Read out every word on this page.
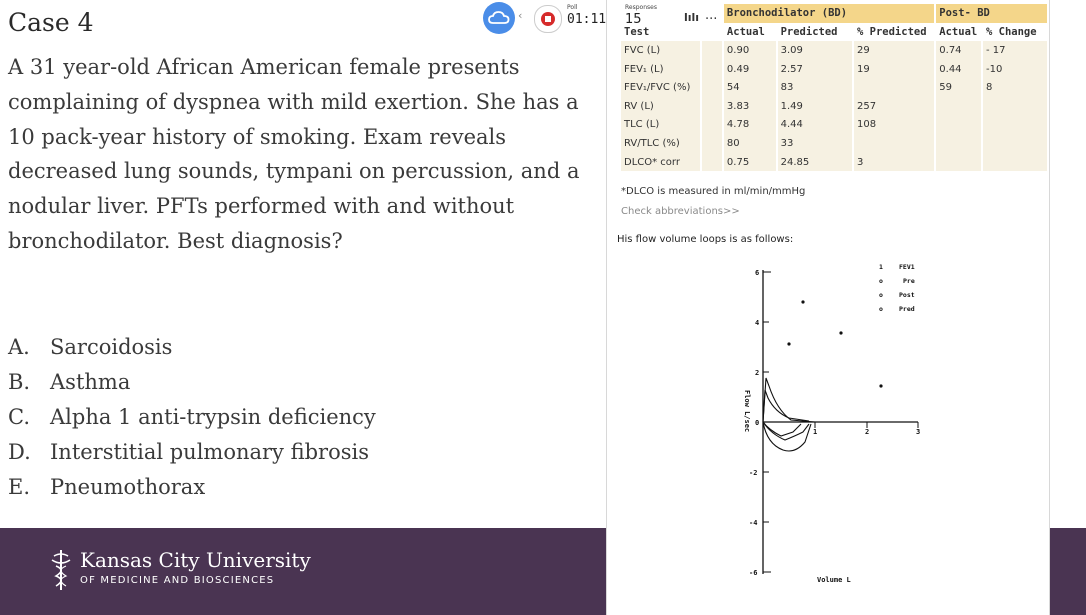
Case 4
A 31 year-old African American female presents complaining of dyspnea with mild exertion. She has a 10 pack-year history of smoking. Exam reveals decreased lung sounds, tympani on percussion, and a nodular liver. PFTs performed with and without bronchodilator. Best diagnosis?
A. Sarcoidosis
B. Asthma
C. Alpha 1 anti-trypsin deficiency
D. Interstitial pulmonary fibrosis
E. Pneumothorax
Kansas City University
OF MEDICINE AND BIOSCIENCES
		Bronchodilator (BD)			Post- BD	
Test		Actual	Predicted	% Predicted	Actual	% Change
FVC (L)		0.90	3.09	29	0.74	- 17
FEV₁ (L)		0.49	2.57	19	0.44	-10
FEV₁/FVC (%)		54	83		59	8
RV (L)		3.83	1.49	257		
TLC (L)		4.78	4.44	108		
RV/TLC (%)		80	33			
DLCO* corr		0.75	24.85	3		
*DLCO is measured in ml/min/mmHg
Check abbreviations>>
His flow volume loops is as follows:
6
4
2
0
-2
-4
-6
1	2	3
Volume L
Flow L/sec
1 FEV1
o	Pre
o Post
o Pred
‹
Poll
01:11
Responses
15	lılı ...
